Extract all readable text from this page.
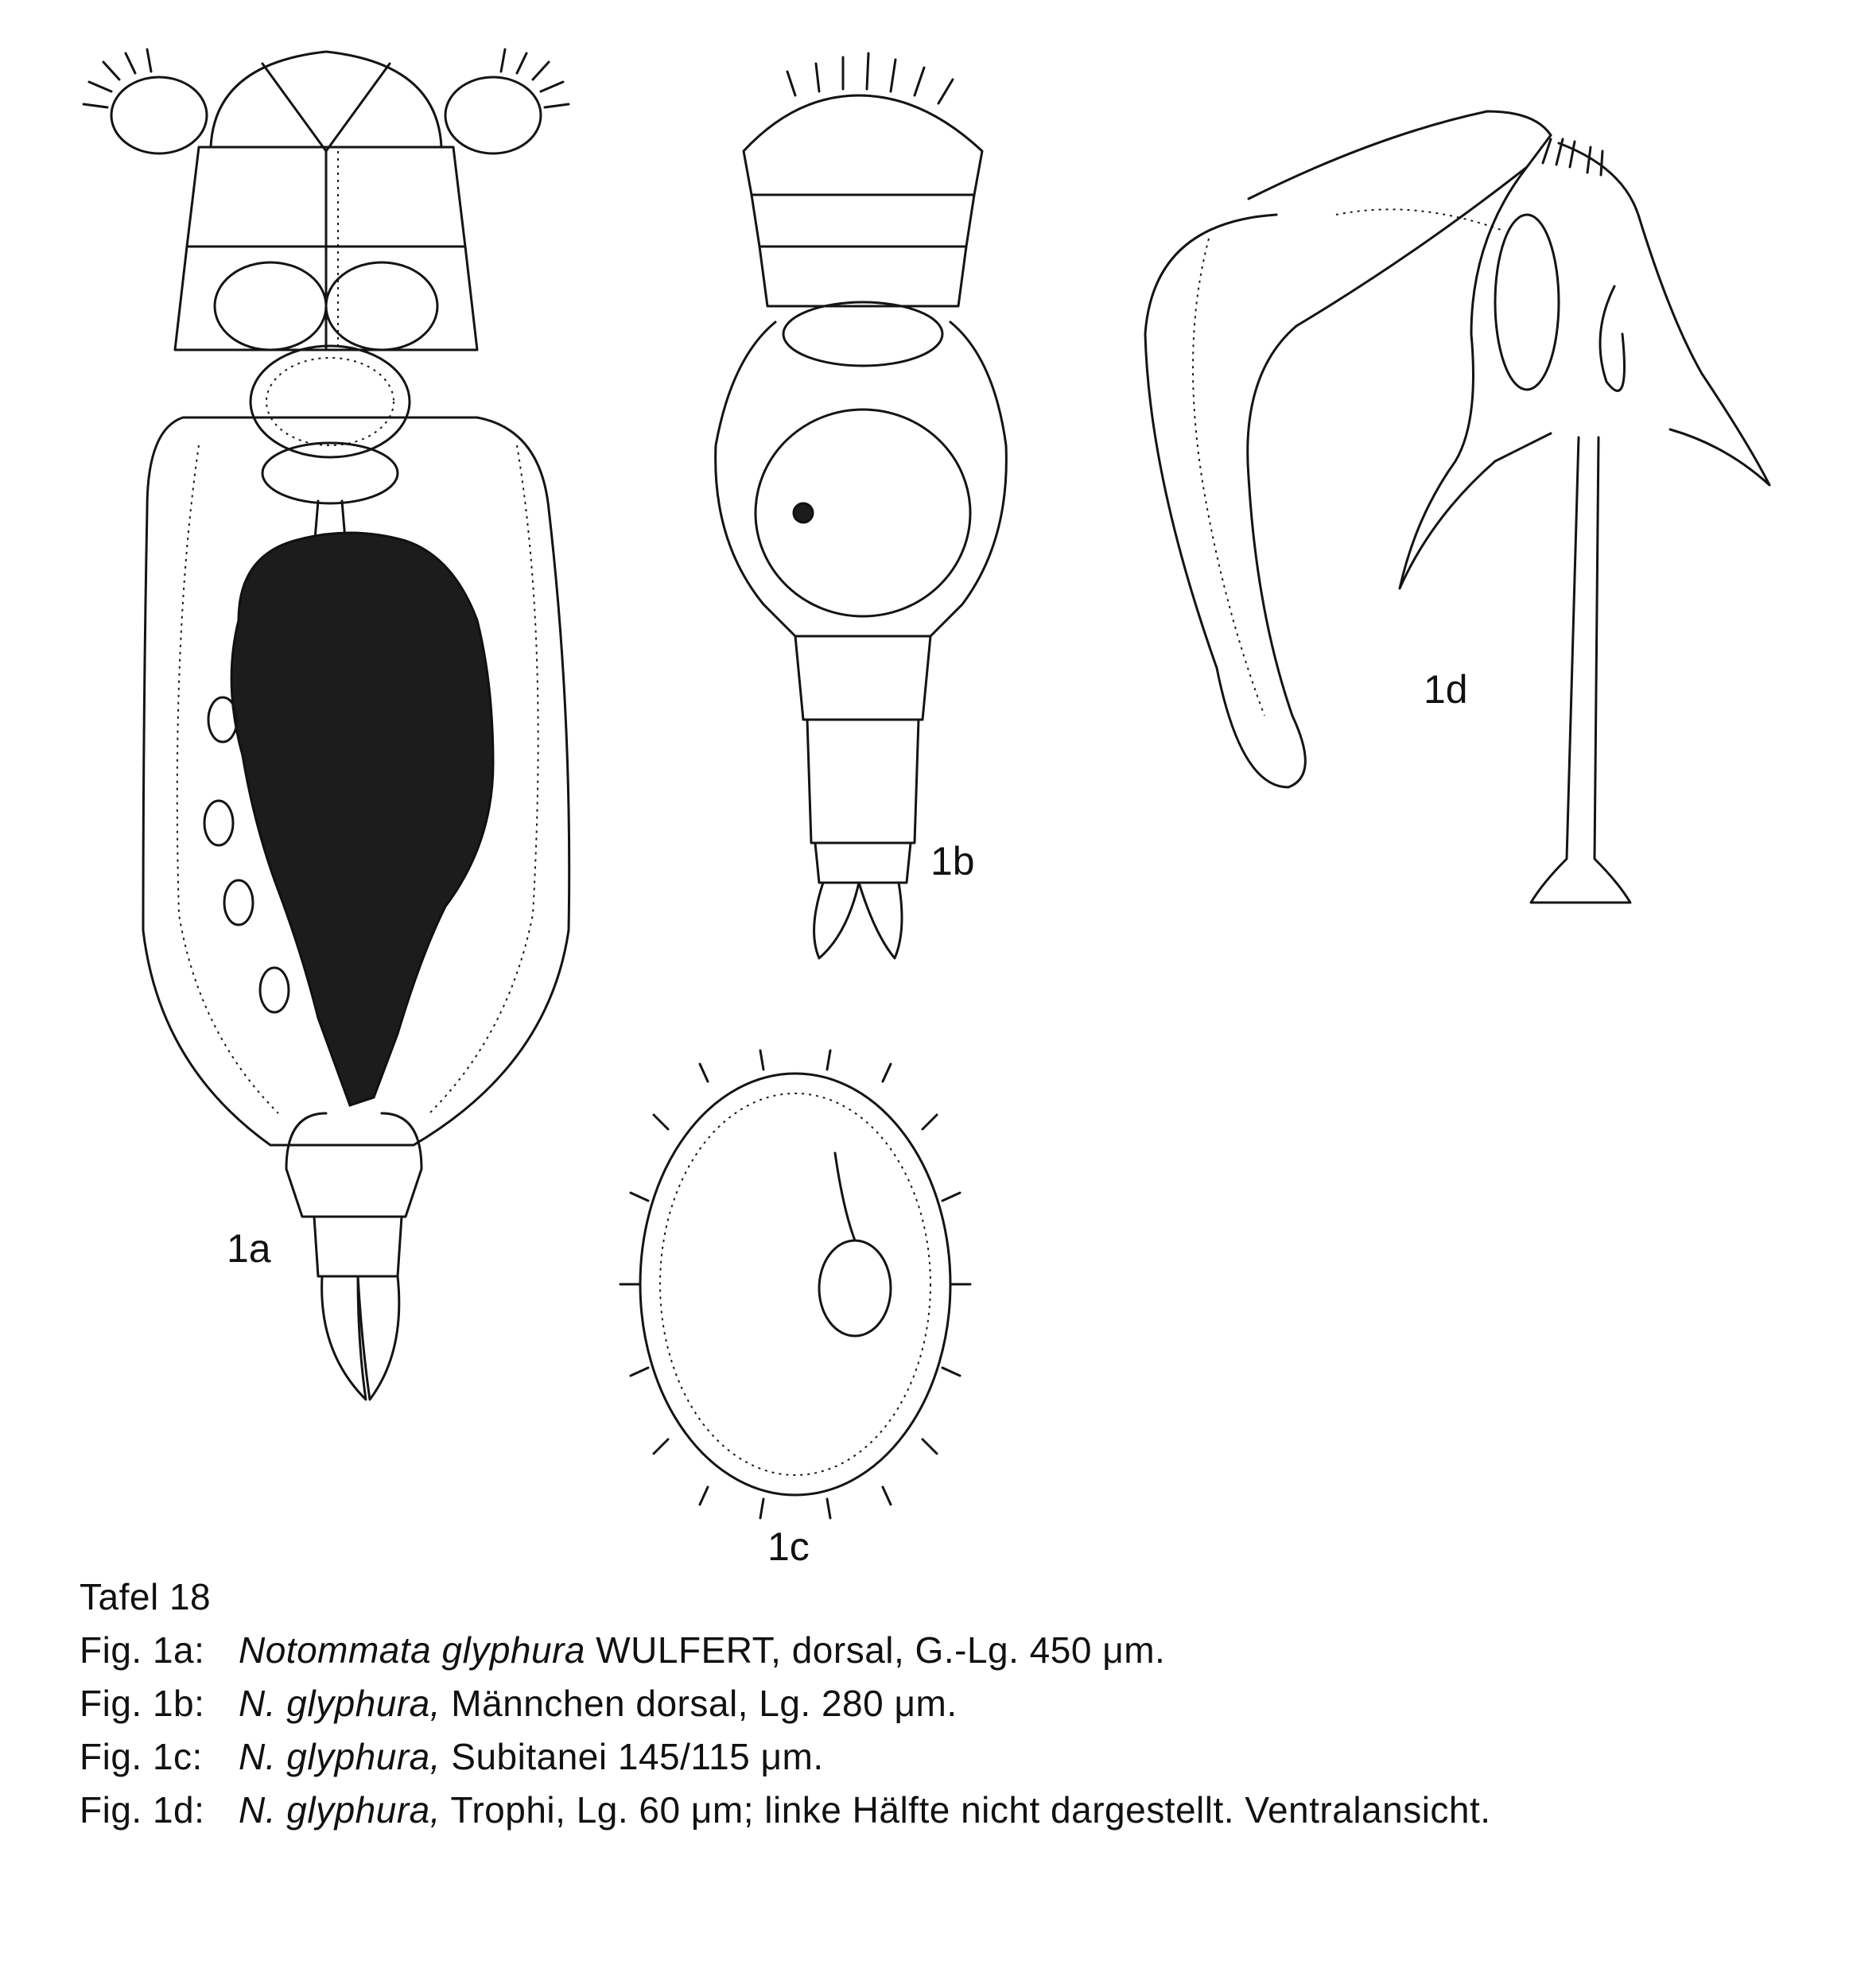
1a
1b
1c
1d
Tafel 18
Fig. 1a: Notommata glyphura WULFERT, dorsal, G.-Lg. 450 μm.
Fig. 1b: N. glyphura, Männchen dorsal, Lg. 280 μm.
Fig. 1c: N. glyphura, Subitanei 145/115 μm.
Fig. 1d: N. glyphura, Trophi, Lg. 60 μm; linke Hälfte nicht dargestellt. Ventralansicht.
